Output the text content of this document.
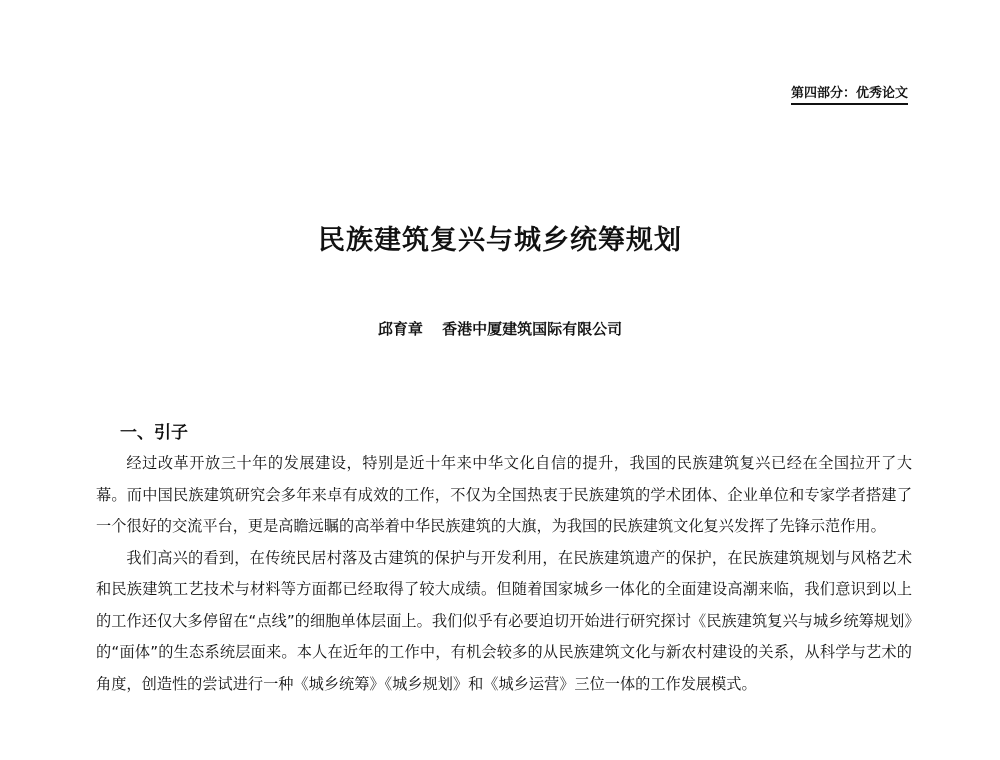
第四部分：优秀论文
民族建筑复兴与城乡统筹规划
邱育章 香港中厦建筑国际有限公司
一、引子

经过改革开放三十年的发展建设，特别是近十年来中华文化自信的提升，我国的民族建筑复兴已经在全国拉开了大幕。而中国民族建筑研究会多年来卓有成效的工作，不仅为全国热衷于民族建筑的学术团体、企业单位和专家学者搭建了一个很好的交流平台，更是高瞻远瞩的高举着中华民族建筑的大旗，为我国的民族建筑文化复兴发挥了先锋示范作用。

我们高兴的看到，在传统民居村落及古建筑的保护与开发利用，在民族建筑遗产的保护，在民族建筑规划与风格艺术和民族建筑工艺技术与材料等方面都已经取得了较大成绩。但随着国家城乡一体化的全面建设高潮来临，我们意识到以上的工作还仅大多停留在“点线”的细胞单体层面上。我们似乎有必要迫切开始进行研究探讨《民族建筑复兴与城乡统筹规划》的“面体”的生态系统层面来。本人在近年的工作中，有机会较多的从民族建筑文化与新农村建设的关系，从科学与艺术的角度，创造性的尝试进行一种《城乡统筹》《城乡规划》和《城乡运营》三位一体的工作发展模式。
